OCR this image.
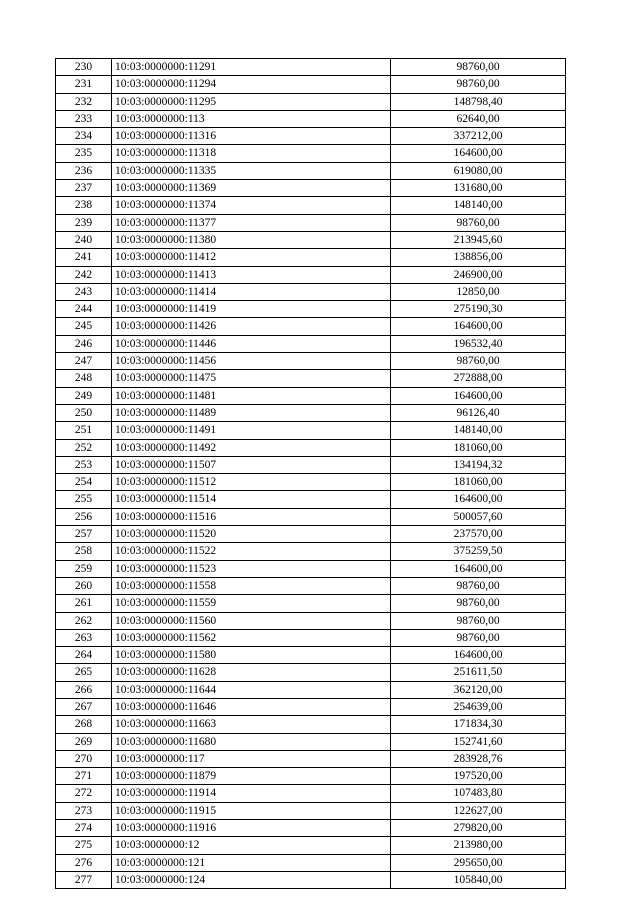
230	10:03:0000000:11291	98760,00
231	10:03:0000000:11294	98760,00
232	10:03:0000000:11295	148798,40
233	10:03:0000000:113	62640,00
234	10:03:0000000:11316	337212,00
235	10:03:0000000:11318	164600,00
236	10:03:0000000:11335	619080,00
237	10:03:0000000:11369	131680,00
238	10:03:0000000:11374	148140,00
239	10:03:0000000:11377	98760,00
240	10:03:0000000:11380	213945,60
241	10:03:0000000:11412	138856,00
242	10:03:0000000:11413	246900,00
243	10:03:0000000:11414	12850,00
244	10:03:0000000:11419	275190,30
245	10:03:0000000:11426	164600,00
246	10:03:0000000:11446	196532,40
247	10:03:0000000:11456	98760,00
248	10:03:0000000:11475	272888,00
249	10:03:0000000:11481	164600,00
250	10:03:0000000:11489	96126,40
251	10:03:0000000:11491	148140,00
252	10:03:0000000:11492	181060,00
253	10:03:0000000:11507	134194,32
254	10:03:0000000:11512	181060,00
255	10:03:0000000:11514	164600,00
256	10:03:0000000:11516	500057,60
257	10:03:0000000:11520	237570,00
258	10:03:0000000:11522	375259,50
259	10:03:0000000:11523	164600,00
260	10:03:0000000:11558	98760,00
261	10:03:0000000:11559	98760,00
262	10:03:0000000:11560	98760,00
263	10:03:0000000:11562	98760,00
264	10:03:0000000:11580	164600,00
265	10:03:0000000:11628	251611,50
266	10:03:0000000:11644	362120,00
267	10:03:0000000:11646	254639,00
268	10:03:0000000:11663	171834,30
269	10:03:0000000:11680	152741,60
270	10:03:0000000:117	283928,76
271	10:03:0000000:11879	197520,00
272	10:03:0000000:11914	107483,80
273	10:03:0000000:11915	122627,00
274	10:03:0000000:11916	279820,00
275	10:03:0000000:12	213980,00
276	10:03:0000000:121	295650,00
277	10:03:0000000:124	105840,00
